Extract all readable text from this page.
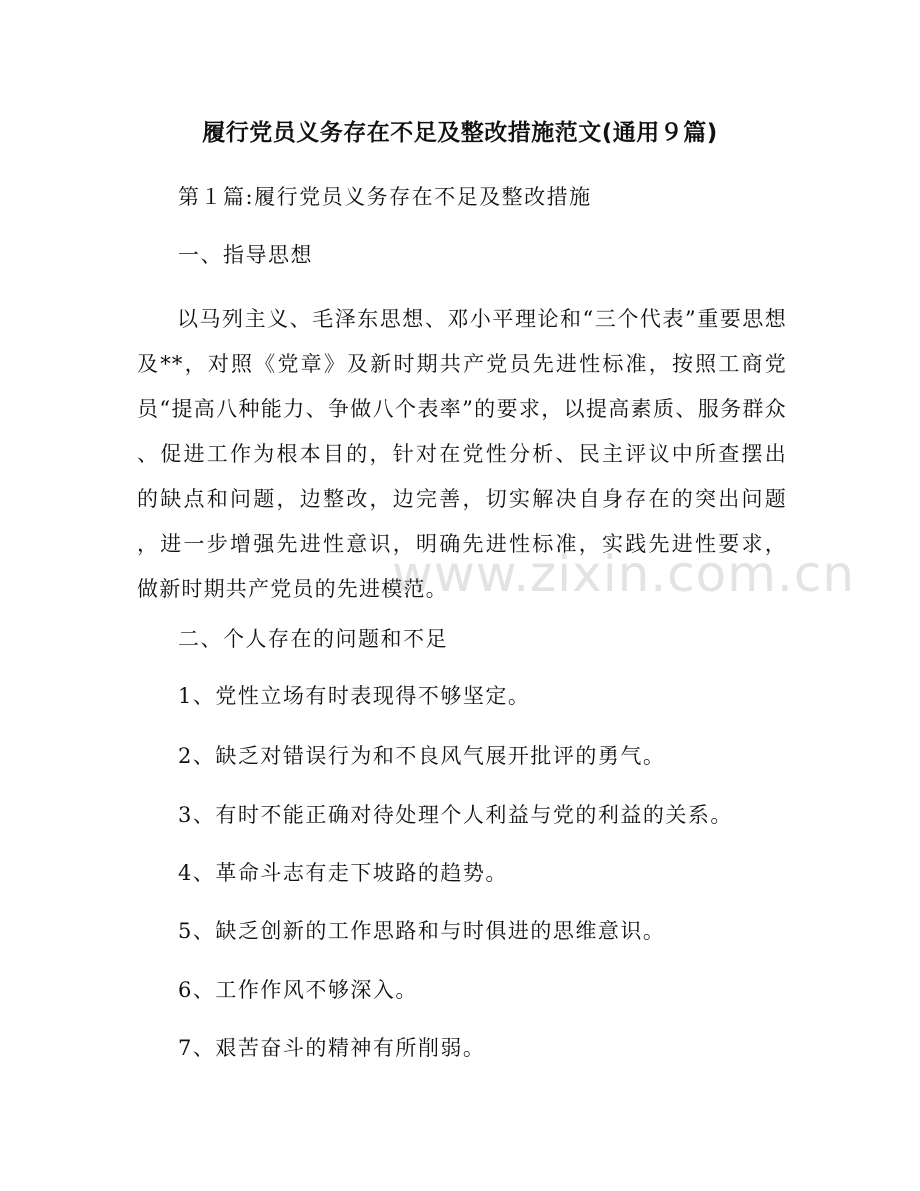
www.zixin.com.cn
履行党员义务存在不足及整改措施范文(通用９篇)
第１篇:履行党员义务存在不足及整改措施
一、指导思想
以马列主义、毛泽东思想、邓小平理论和“三个代表”重要思想
及**，对照《党章》及新时期共产党员先进性标准，按照工商党
员“提高八种能力、争做八个表率”的要求，以提高素质、服务群众
、促进工作为根本目的，针对在党性分析、民主评议中所查摆出
的缺点和问题，边整改，边完善，切实解决自身存在的突出问题
，进一步增强先进性意识，明确先进性标准，实践先进性要求，
做新时期共产党员的先进模范。
二、个人存在的问题和不足
1、党性立场有时表现得不够坚定。
2、缺乏对错误行为和不良风气展开批评的勇气。
3、有时不能正确对待处理个人利益与党的利益的关系。
4、革命斗志有走下坡路的趋势。
5、缺乏创新的工作思路和与时俱进的思维意识。
6、工作作风不够深入。
7、艰苦奋斗的精神有所削弱。
